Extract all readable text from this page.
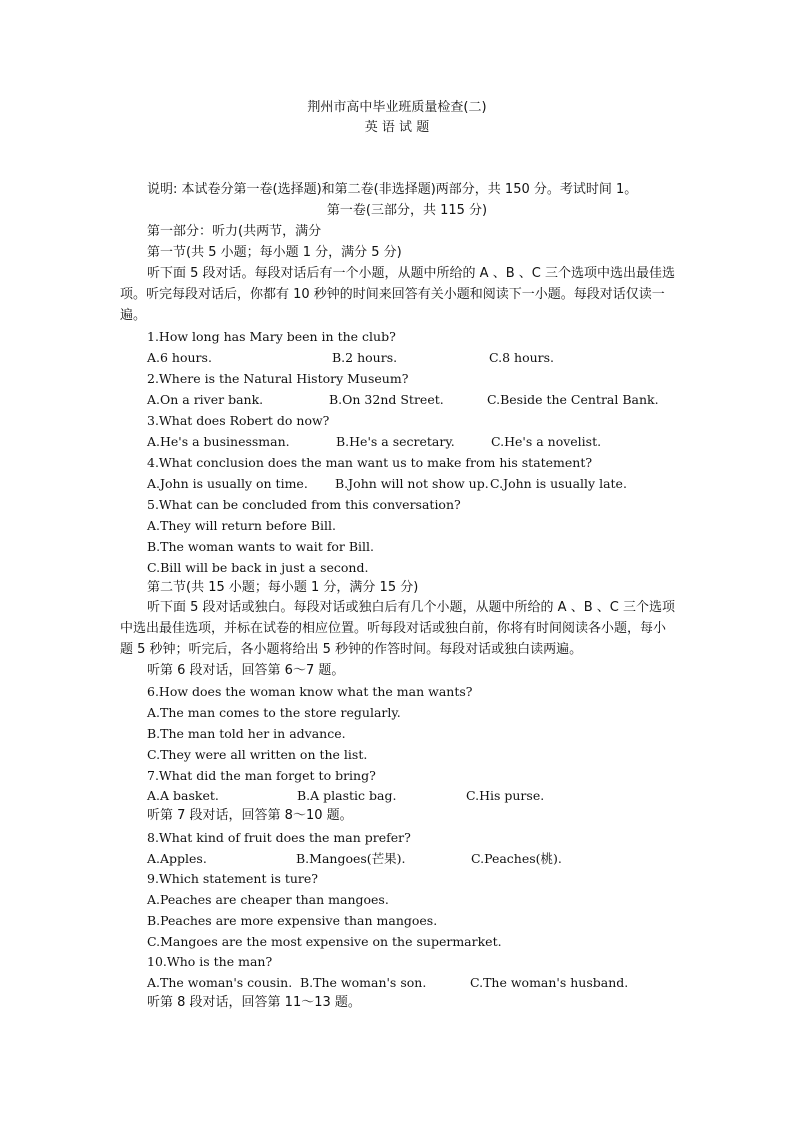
荆州市高中毕业班质量检查(二)
英 语 试 题
说明: 本试卷分第一卷(选择题)和第二卷(非选择题)两部分，共 150 分。考试时间 1。
第一卷(三部分，共 115 分)
第一部分：听力(共两节，满分
第一节(共 5 小题；每小题 1 分，满分 5 分)
听下面 5 段对话。每段对话后有一个小题，从题中所给的 A 、B 、C 三个选项中选出最佳选项。听完每段对话后，你都有 10 秒钟的时间来回答有关小题和阅读下一小题。每段对话仅读一遍。
1.How long has Mary been in the club?
A.6 hours.	B.2 hours.	C.8 hours.
2.Where is the Natural History Museum?
A.On a river bank.	B.On 32nd Street.	C.Beside the Central Bank.
3.What does Robert do now?
A.He's a businessman.	B.He's a secretary.	C.He's a novelist.
4.What conclusion does the man want us to make from his statement?
A.John is usually on time. B.John will not show up. C.John is usually late.
5.What can be concluded from this conversation?
A.They will return before Bill.
B.The woman wants to wait for Bill.
C.Bill will be back in just a second.
第二节(共 15 小题；每小题 1 分，满分 15 分)
听下面 5 段对话或独白。每段对话或独白后有几个小题，从题中所给的 A 、B 、C 三个选项中选出最佳选项，并标在试卷的相应位置。听每段对话或独白前，你将有时间阅读各小题，每小题 5 秒钟；听完后，各小题将给出 5 秒钟的作答时间。每段对话或独白读两遍。
听第 6 段对话，回答第 6～7 题。
6.How does the woman know what the man wants?
A.The man comes to the store regularly.
B.The man told her in advance.
C.They were all written on the list.
7.What did the man forget to bring?
A.A basket.	B.A plastic bag.	C.His purse.
听第 7 段对话，回答第 8～10 题。
8.What kind of fruit does the man prefer?
A.Apples.	B.Mangoes(芒果).	C.Peaches(桃).
9.Which statement is ture?
A.Peaches are cheaper than mangoes.
B.Peaches are more expensive than mangoes.
C.Mangoes are the most expensive on the supermarket.
10.Who is the man?
A.The woman's cousin. B.The woman's son.	C.The woman's husband.
听第 8 段对话，回答第 11～13 题。
